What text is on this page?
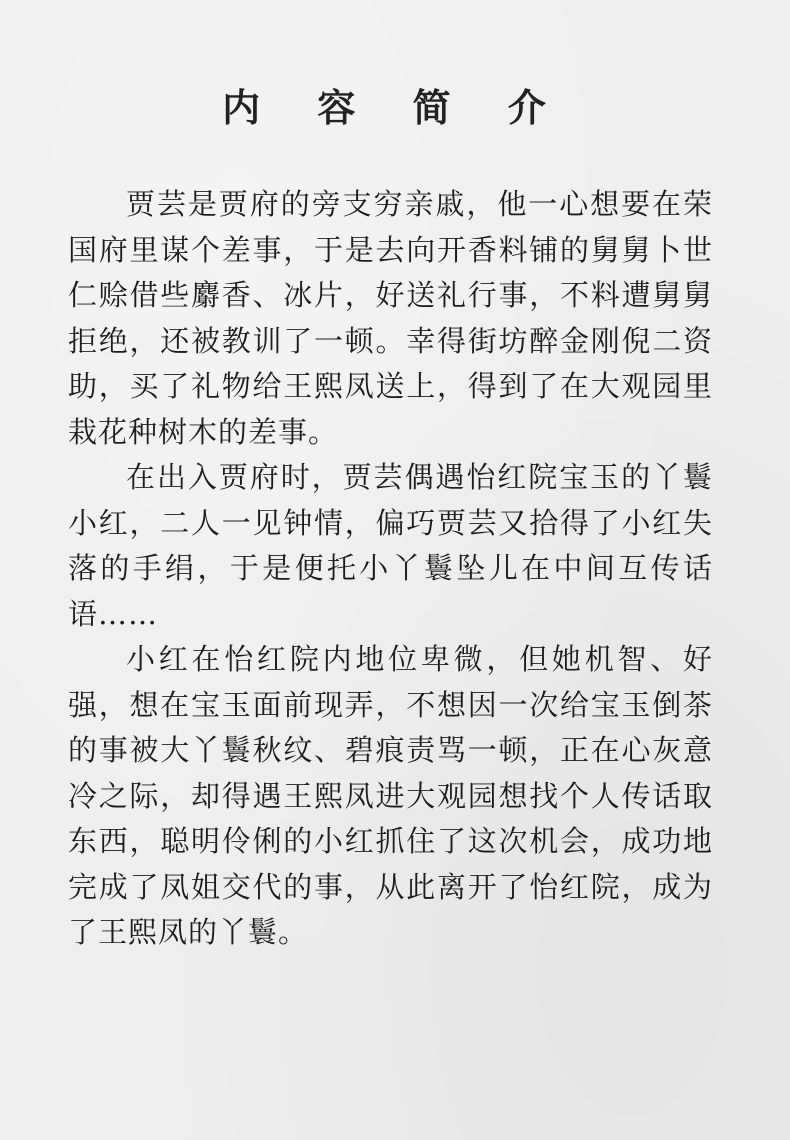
内 容 简 介

贾芸是贾府的旁支穷亲戚，他一心想要在荣国府里谋个差事，于是去向开香料铺的舅舅卜世仁赊借些麝香、冰片，好送礼行事，不料遭舅舅拒绝，还被教训了一顿。幸得街坊醉金刚倪二资助，买了礼物给王熙凤送上，得到了在大观园里栽花种树木的差事。

在出入贾府时，贾芸偶遇怡红院宝玉的丫鬟小红，二人一见钟情，偏巧贾芸又拾得了小红失落的手绢，于是便托小丫鬟坠儿在中间互传话语……

小红在怡红院内地位卑微，但她机智、好强，想在宝玉面前现弄，不想因一次给宝玉倒茶的事被大丫鬟秋纹、碧痕责骂一顿，正在心灰意冷之际，却得遇王熙凤进大观园想找个人传话取东西，聪明伶俐的小红抓住了这次机会，成功地完成了凤姐交代的事，从此离开了怡红院，成为了王熙凤的丫鬟。
